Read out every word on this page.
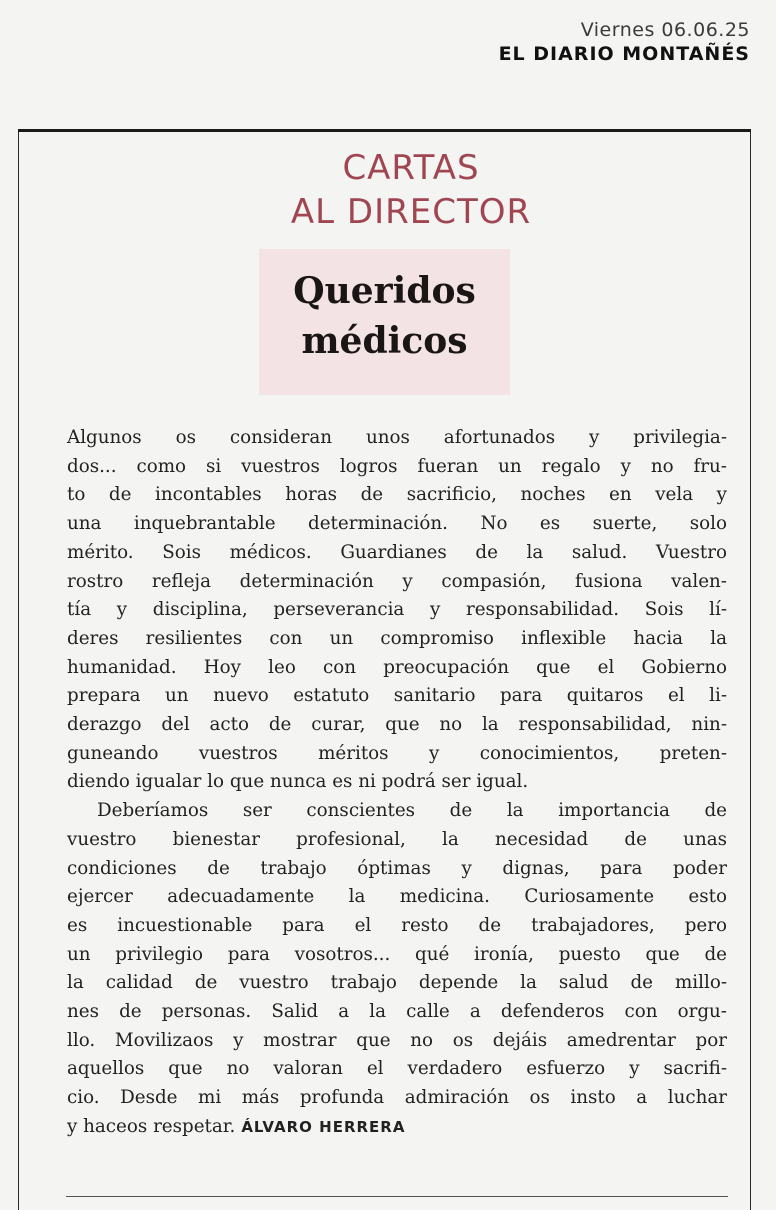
Viernes 06.06.25
EL DIARIO MONTAÑÉS
CARTAS
AL DIRECTOR
Queridos
médicos
Algunos os consideran unos afortunados y privilegia-
dos... como si vuestros logros fueran un regalo y no fru-
to de incontables horas de sacrificio, noches en vela y
una inquebrantable determinación. No es suerte, solo
mérito. Sois médicos. Guardianes de la salud. Vuestro
rostro refleja determinación y compasión, fusiona valen-
tía y disciplina, perseverancia y responsabilidad. Sois lí-
deres resilientes con un compromiso inflexible hacia la
humanidad. Hoy leo con preocupación que el Gobierno
prepara un nuevo estatuto sanitario para quitaros el li-
derazgo del acto de curar, que no la responsabilidad, nin-
guneando vuestros méritos y conocimientos, preten-
diendo igualar lo que nunca es ni podrá ser igual.
Deberíamos ser conscientes de la importancia de
vuestro bienestar profesional, la necesidad de unas
condiciones de trabajo óptimas y dignas, para poder
ejercer adecuadamente la medicina. Curiosamente esto
es incuestionable para el resto de trabajadores, pero
un privilegio para vosotros... qué ironía, puesto que de
la calidad de vuestro trabajo depende la salud de millo-
nes de personas. Salid a la calle a defenderos con orgu-
llo. Movilizaos y mostrar que no os dejáis amedrentar por
aquellos que no valoran el verdadero esfuerzo y sacrifi-
cio. Desde mi más profunda admiración os insto a luchar
y haceos respetar. ÁLVARO HERRERA
